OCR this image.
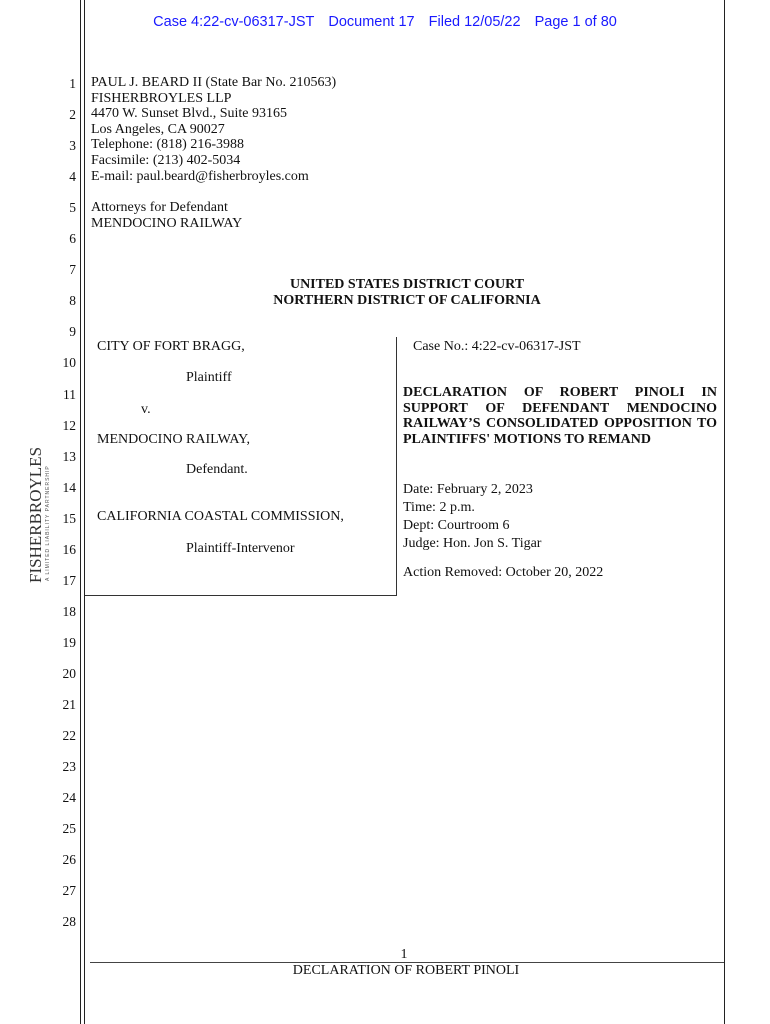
Case 4:22-cv-06317-JST Document 17 Filed 12/05/22 Page 1 of 80
1
2
3
4
5
6
7
8
9
10
11
12
13
14
15
16
17
18
19
20
21
22
23
24
25
26
27
28
FISHERBROYLES A LIMITED LIABILITY PARTNERSHIP
PAUL J. BEARD II (State Bar No. 210563)
FISHERBROYLES LLP
4470 W. Sunset Blvd., Suite 93165
Los Angeles, CA 90027
Telephone: (818) 216-3988
Facsimile: (213) 402-5034
E-mail: paul.beard@fisherbroyles.com
Attorneys for Defendant
MENDOCINO RAILWAY
UNITED STATES DISTRICT COURT
NORTHERN DISTRICT OF CALIFORNIA
CITY OF FORT BRAGG,
Plaintiff
v.
MENDOCINO RAILWAY,
Defendant.
CALIFORNIA COASTAL COMMISSION,
Plaintiff-Intervenor
Case No.: 4:22-cv-06317-JST
DECLARATION OF ROBERT PINOLI IN SUPPORT OF DEFENDANT MENDOCINO RAILWAY’S CONSOLIDATED OPPOSITION TO PLAINTIFFS' MOTIONS TO REMAND
Date: February 2, 2023
Time: 2 p.m.
Dept: Courtroom 6
Judge: Hon. Jon S. Tigar
Action Removed: October 20, 2022
1
DECLARATION OF ROBERT PINOLI
